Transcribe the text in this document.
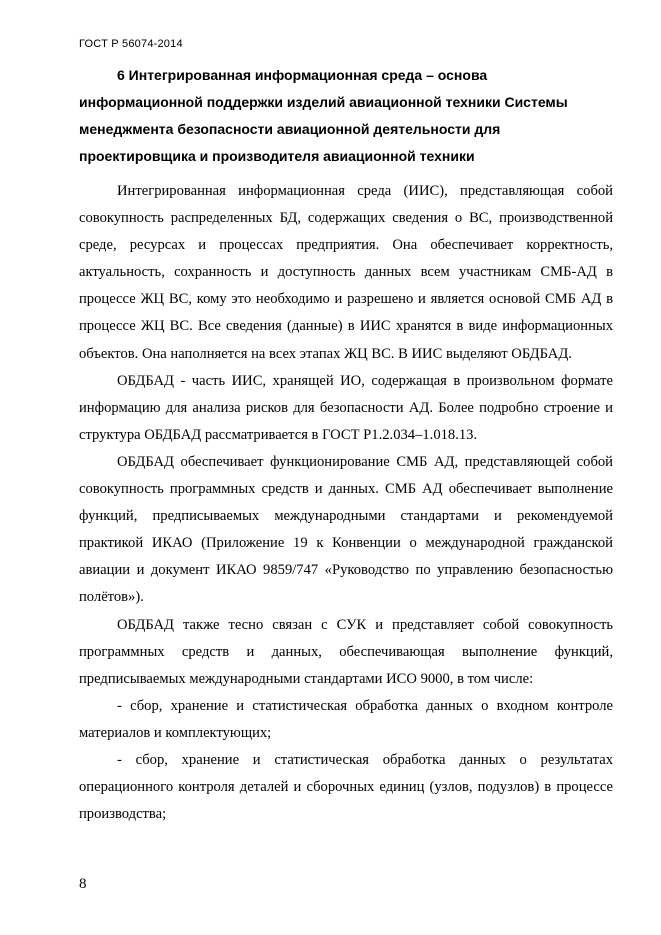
ГОСТ Р 56074-2014
6 Интегрированная информационная среда – основа
информационной поддержки изделий авиационной техники Системы
менеджмента безопасности авиационной деятельности для
проектировщика и производителя авиационной техники

Интегрированная информационная среда (ИИС), представляющая собой совокупность распределенных БД, содержащих сведения о ВС, производственной среде, ресурсах и процессах предприятия. Она обеспечивает корректность, актуальность, сохранность и доступность данных всем участникам СМБ-АД в процессе ЖЦ ВС, кому это необходимо и разрешено и является основой СМБ АД в процессе ЖЦ ВС. Все сведения (данные) в ИИС хранятся в виде информационных объектов. Она наполняется на всех этапах ЖЦ ВС. В ИИС выделяют ОБДБАД.

ОБДБАД - часть ИИС, хранящей ИО, содержащая в произвольном формате информацию для анализа рисков для безопасности АД. Более подробно строение и структура ОБДБАД рассматривается в ГОСТ Р1.2.034–1.018.13.

ОБДБАД обеспечивает функционирование СМБ АД, представляющей собой совокупность программных средств и данных. СМБ АД обеспечивает выполнение функций, предписываемых международными стандартами и рекомендуемой практикой ИКАО (Приложение 19 к Конвенции о международной гражданской авиации и документ ИКАО 9859/747 «Руководство по управлению безопасностью полётов»).

ОБДБАД также тесно связан с СУК и представляет собой совокупность программных средств и данных, обеспечивающая выполнение функций, предписываемых международными стандартами ИСО 9000, в том числе:

- сбор, хранение и статистическая обработка данных о входном контроле материалов и комплектующих;

- сбор, хранение и статистическая обработка данных о результатах операционного контроля деталей и сборочных единиц (узлов, подузлов) в процессе производства;

8
